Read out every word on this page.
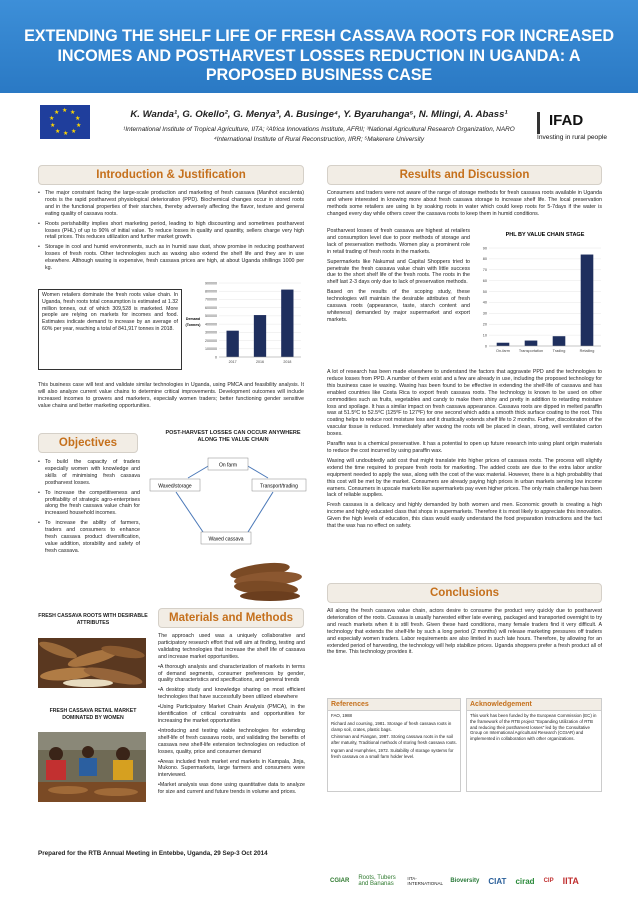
EXTENDING THE SHELF LIFE OF FRESH CASSAVA ROOTS FOR INCREASED INCOMES AND POSTHARVEST LOSSES REDUCTION IN UGANDA: A PROPOSED BUSINESS CASE
★ ★
★
★
★
★
★
★
★
★	K. Wanda¹, G. Okello², G. Menya³, A. Businge⁴, Y. Byaruhanga⁵, N. Mlingi, A. Abass¹
¹International Institute of Tropical Agriculture, IITA; ²Africa Innovations Institute, AFRII; ³National Agricultural Research Organization, NARO
⁴International Institute of Rural Reconstruction, IIRR; ⁵Makerere University
IFAD
Investing in rural people
Introduction & Justification
• The major constraint facing the large-scale production and marketing of fresh cassava (Manihot esculenta) roots is the rapid postharvest physiological deterioration (PPD). Biochemical changes occur in stored roots and in the functional properties of their starches, thereby adversely affecting the flavor, texture and general eating quality of cassava roots.
• Roots perishability implies short marketing period, leading to high discounting and sometimes postharvest losses (PHL) of up to 90% of initial value. To reduce losses in quality and quantity, sellers charge very high retail prices. This reduces utilization and further market growth.
• Storage in cool and humid environments, such as in humid saw dust, show promise in reducing postharvest losses of fresh roots. Other technologies such as waxing also extend the shelf life and they are in use elsewhere. Although waxing is expensive, fresh cassava prices are high, at about Uganda shillings 1000 per kg.
Women retailers dominate the fresh roots value chain. In Uganda, fresh roots total consumption is estimated at 1.32 million tonnes, out of which 309,528 is marketed. More people are relying on markets for incomes and food. Estimates indicate demand to increase by an average of 60% per year, reaching a total of 841,917 tonnes in 2018.
0
100000
200000
300000
400000
500000
600000
700000
800000
900000
Demand
(Tonnes)
2017	2016	2018
This business case will test and validate similar technologies in Uganda, using PMCA and feasibility analysis. It will also analyze current value chains to determine critical improvements. Development outcomes will include increased incomes to growers and marketers, especially women traders; better functioning gender sensitive value chains and better marketing opportunities.
Objectives
• To build the capacity of traders especially women with knowledge and skills of minimising fresh cassava postharvest losses.
• To increase the competitiveness and profitability of strategic agro-enterprises along the fresh cassava value chain for increased household incomes.
• To increase the ability of farmers, traders and consumers to enhance fresh cassava product diversification, value addition, storability and safety of fresh cassava.
POST-HARVEST LOSSES CAN OCCUR ANYWHERE ALONG THE VALUE CHAIN
On farm
Waxed/storage	Transport/trading
Waxed cassava
FRESH CASSAVA ROOTS WITH DESIRABLE ATTRIBUTES
FRESH CASSAVA RETAIL MARKET DOMINATED BY WOMEN
Materials and Methods

The approach used was a uniquely collaborative and participatory research effort that will aim at finding, testing and validating technologies that increase the shelf life of cassava and increase market opportunities.

•A thorough analysis and characterization of markets in terms of demand segments, consumer preferences by gender, quality characteristics and specifications, and general trends

•A desktop study and knowledge sharing on most efficient technologies that have successfully been utilized elsewhere

•Using Participatory Market Chain Analysis (PMCA), in the identification of critical constraints and opportunities for increasing the market opportunities

•Introducing and testing viable technologies for extending shelf-life of fresh cassava roots, and validating the benefits of cassava new shelf-life extension technologies on reduction of losses, quality, price and consumer demand

•Areas included fresh market end markets in Kampala, Jinja, Mukono. Supermarkets, large farmers and consumers were interviewed.

•Market analysis was done using quantitative data to analyze for size and current and future trends in volume and prices.

Results and Discussion
Consumers and traders were not aware of the range of storage methods for fresh cassava roots available in Uganda and where interested in knowing more about fresh cassava storage to increase shelf life. The local preservation methods some retailers are using is by soaking roots in water which could keep roots for 5-7days if the water is changed every day while others cover the cassava roots to keep them in humid conditions.

Postharvest losses of fresh cassava are highest at retailers and consumption level due to poor methods of storage and lack of preservation methods. Women play a prominent role in retail trading of fresh roots in the markets.

Supermarkets like Nakumat and Capital Shoppers tried to penetrate the fresh cassava value chain with little success due to the short shelf life of the fresh roots. The roots in the shelf last 2-3 days only due to lack of preservation methods.

Based on the results of the scoping study, these technologies will maintain the desirable attributes of fresh cassava roots (appearance, taste, starch content and whiteness) demanded by major supermarket and export markets.

PHL BY VALUE CHAIN STAGE
0
10
20
30
40
50
60
70
80
90
On-farm Transportation Trading	Retailing

A lot of research has been made elsewhere to understand the factors that aggravate PPD and the technologies to reduce losses from PPD. A number of them exist and a few are already in use, including the proposed technology for this business case ie waxing. Waxing has been found to be effective in extending the shelf-life of cassava and has enabled countries like Costa Rica to export fresh cassava roots. The technology is known to be used on other commodities such as fruits, vegetables and candy to make them shiny and pretty in addition to retarding moisture loss and spoilage. It has a similar impact on fresh cassava appearance. Cassava roots are dipped in melted paraffin wax at 51.5⁰C to 52.5⁰C (125⁰F to 127⁰F) for one second which adds a smooth thick surface coating to the root. This coating helps to reduce root moisture loss and it drastically extends shelf life to 2 months. Further, discoloration of the vascular tissue is reduced. Immediately after waxing the roots will be placed in clean, strong, well ventilated carton boxes.

Paraffin wax is a chemical preservative. It has a potential to open up future research into using plant origin materials to reduce the cost incurred by using paraffin wax.

Waxing will undoubtedly add cost that might translate into higher prices of cassava roots. The process will slightly extend the time required to prepare fresh roots for marketing. The added costs are due to the extra labor and/or equipment needed to apply the wax, along with the cost of the wax material. However, there is a high probability that this cost will be met by the market. Consumers are already paying high prices in urban markets serving low income earners. Consumers in upscale markets like supermarkets pay even higher prices. The only main challenge has been lack of reliable supplies.

Fresh cassava is a delicacy and highly demanded by both women and men. Economic growth is creating a high income and highly educated class that shops in supermarkets. Therefore it is most likely to appreciate this innovation. Given the high levels of education, this class would easily understand the food preparation instructions and the fact that the wax has no effect on safety.

Conclusions
All along the fresh cassava value chain, actors desire to consume the product very quickly due to postharvest deterioration of the roots. Cassava is usually harvested either late evening, packaged and transported overnight to try and reach markets when it is still fresh. Given these hard conditions, many female traders find it very difficult. A technology that extends the shelf-life by such a long period (2 months) will release marketing pressures off traders and especially women traders. Labor requirements are also limited in such late hours. Therefore, by allowing for an extended period of harvesting, the technology will help stabilize prices. Uganda shoppers prefer a fresh product all of the time. This technology provides it.
References

FAO, 1988

Richard and coursing, 1981. Storage of fresh cassava roots in clamp soil, crates, plastic bags.

Chinsman and Fiangan, 1987. Storing cassava roots in the soil after maturity, Traditional methods of storing fresh cassava roots.

Ingram and Humphries, 1972. Suitability of storage systems for fresh cassava on a small farm holder level.

Acknowledgement
This work has been funded by the European Commission (EC) in the framework of the RTB project "Expanding Utilization of RTB and reducing their postharvest losses" led by the Consultative Group on International Agricultural Research (CGIAR) and implemented in collaboration with other organizations.
Prepared for the RTB Annual Meeting in Entebbe, Uganda, 29 Sep-3 Oct 2014
CGIAR Roots, Tubers and Bananas
IITA-INTERNATIONAL Bioversity CIAT cirad CIP IITA
